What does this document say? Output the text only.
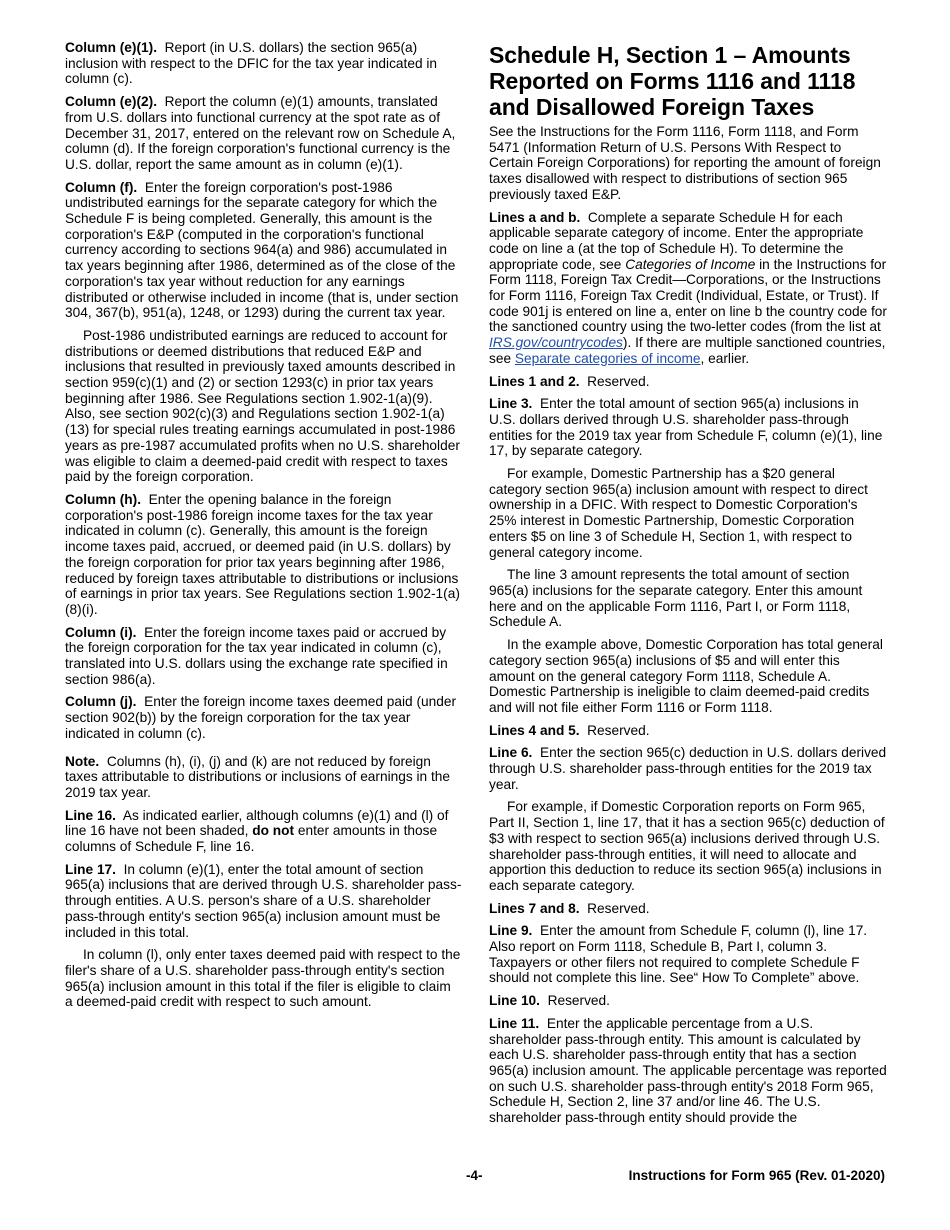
Column (e)(1). Report (in U.S. dollars) the section 965(a) inclusion with respect to the DFIC for the tax year indicated in column (c).

Column (e)(2). Report the column (e)(1) amounts, translated from U.S. dollars into functional currency at the spot rate as of December 31, 2017, entered on the relevant row on Schedule A, column (d). If the foreign corporation's functional currency is the U.S. dollar, report the same amount as in column (e)(1).

Column (f). Enter the foreign corporation's post-1986 undistributed earnings for the separate category for which the Schedule F is being completed. Generally, this amount is the corporation's E&P (computed in the corporation's functional currency according to sections 964(a) and 986) accumulated in tax years beginning after 1986, determined as of the close of the corporation's tax year without reduction for any earnings distributed or otherwise included in income (that is, under section 304, 367(b), 951(a), 1248, or 1293) during the current tax year.

Post-1986 undistributed earnings are reduced to account for distributions or deemed distributions that reduced E&P and inclusions that resulted in previously taxed amounts described in section 959(c)(1) and (2) or section 1293(c) in prior tax years beginning after 1986. See Regulations section 1.902-1(a)(9). Also, see section 902(c)(3) and Regulations section 1.902-1(a)(13) for special rules treating earnings accumulated in post-1986 years as pre-1987 accumulated profits when no U.S. shareholder was eligible to claim a deemed-paid credit with respect to taxes paid by the foreign corporation.

Column (h). Enter the opening balance in the foreign corporation's post-1986 foreign income taxes for the tax year indicated in column (c). Generally, this amount is the foreign income taxes paid, accrued, or deemed paid (in U.S. dollars) by the foreign corporation for prior tax years beginning after 1986, reduced by foreign taxes attributable to distributions or inclusions of earnings in prior tax years. See Regulations section 1.902-1(a)(8)(i).

Column (i). Enter the foreign income taxes paid or accrued by the foreign corporation for the tax year indicated in column (c), translated into U.S. dollars using the exchange rate specified in section 986(a).

Column (j). Enter the foreign income taxes deemed paid (under section 902(b)) by the foreign corporation for the tax year indicated in column (c).

Note. Columns (h), (i), (j) and (k) are not reduced by foreign taxes attributable to distributions or inclusions of earnings in the 2019 tax year.

Line 16. As indicated earlier, although columns (e)(1) and (l) of line 16 have not been shaded, do not enter amounts in those columns of Schedule F, line 16.

Line 17. In column (e)(1), enter the total amount of section 965(a) inclusions that are derived through U.S. shareholder pass-through entities. A U.S. person's share of a U.S. shareholder pass-through entity's section 965(a) inclusion amount must be included in this total.

In column (l), only enter taxes deemed paid with respect to the filer's share of a U.S. shareholder pass-through entity's section 965(a) inclusion amount in this total if the filer is eligible to claim a deemed-paid credit with respect to such amount.

Schedule H, Section 1 – Amounts Reported on Forms 1116 and 1118 and Disallowed Foreign Taxes

See the Instructions for the Form 1116, Form 1118, and Form 5471 (Information Return of U.S. Persons With Respect to Certain Foreign Corporations) for reporting the amount of foreign taxes disallowed with respect to distributions of section 965 previously taxed E&P.

Lines a and b. Complete a separate Schedule H for each applicable separate category of income. Enter the appropriate code on line a (at the top of Schedule H). To determine the appropriate code, see Categories of Income in the Instructions for Form 1118, Foreign Tax Credit—Corporations, or the Instructions for Form 1116, Foreign Tax Credit (Individual, Estate, or Trust). If code 901j is entered on line a, enter on line b the country code for the sanctioned country using the two-letter codes (from the list at IRS.gov/countrycodes). If there are multiple sanctioned countries, see Separate categories of income, earlier.

Lines 1 and 2. Reserved.

Line 3. Enter the total amount of section 965(a) inclusions in U.S. dollars derived through U.S. shareholder pass-through entities for the 2019 tax year from Schedule F, column (e)(1), line 17, by separate category.

For example, Domestic Partnership has a $20 general category section 965(a) inclusion amount with respect to direct ownership in a DFIC. With respect to Domestic Corporation's 25% interest in Domestic Partnership, Domestic Corporation enters $5 on line 3 of Schedule H, Section 1, with respect to general category income.

The line 3 amount represents the total amount of section 965(a) inclusions for the separate category. Enter this amount here and on the applicable Form 1116, Part I, or Form 1118, Schedule A.

In the example above, Domestic Corporation has total general category section 965(a) inclusions of $5 and will enter this amount on the general category Form 1118, Schedule A. Domestic Partnership is ineligible to claim deemed-paid credits and will not file either Form 1116 or Form 1118.

Lines 4 and 5. Reserved.

Line 6. Enter the section 965(c) deduction in U.S. dollars derived through U.S. shareholder pass-through entities for the 2019 tax year.

For example, if Domestic Corporation reports on Form 965, Part II, Section 1, line 17, that it has a section 965(c) deduction of $3 with respect to section 965(a) inclusions derived through U.S. shareholder pass-through entities, it will need to allocate and apportion this deduction to reduce its section 965(a) inclusions in each separate category.

Lines 7 and 8. Reserved.

Line 9. Enter the amount from Schedule F, column (l), line 17. Also report on Form 1118, Schedule B, Part I, column 3. Taxpayers or other filers not required to complete Schedule F should not complete this line. See“ How To Complete” above.

Line 10. Reserved.

Line 11. Enter the applicable percentage from a U.S. shareholder pass-through entity. This amount is calculated by each U.S. shareholder pass-through entity that has a section 965(a) inclusion amount. The applicable percentage was reported on such U.S. shareholder pass-through entity's 2018 Form 965, Schedule H, Section 2, line 37 and/or line 46. The U.S. shareholder pass-through entity should provide the

-4-	Instructions for Form 965 (Rev. 01-2020)
